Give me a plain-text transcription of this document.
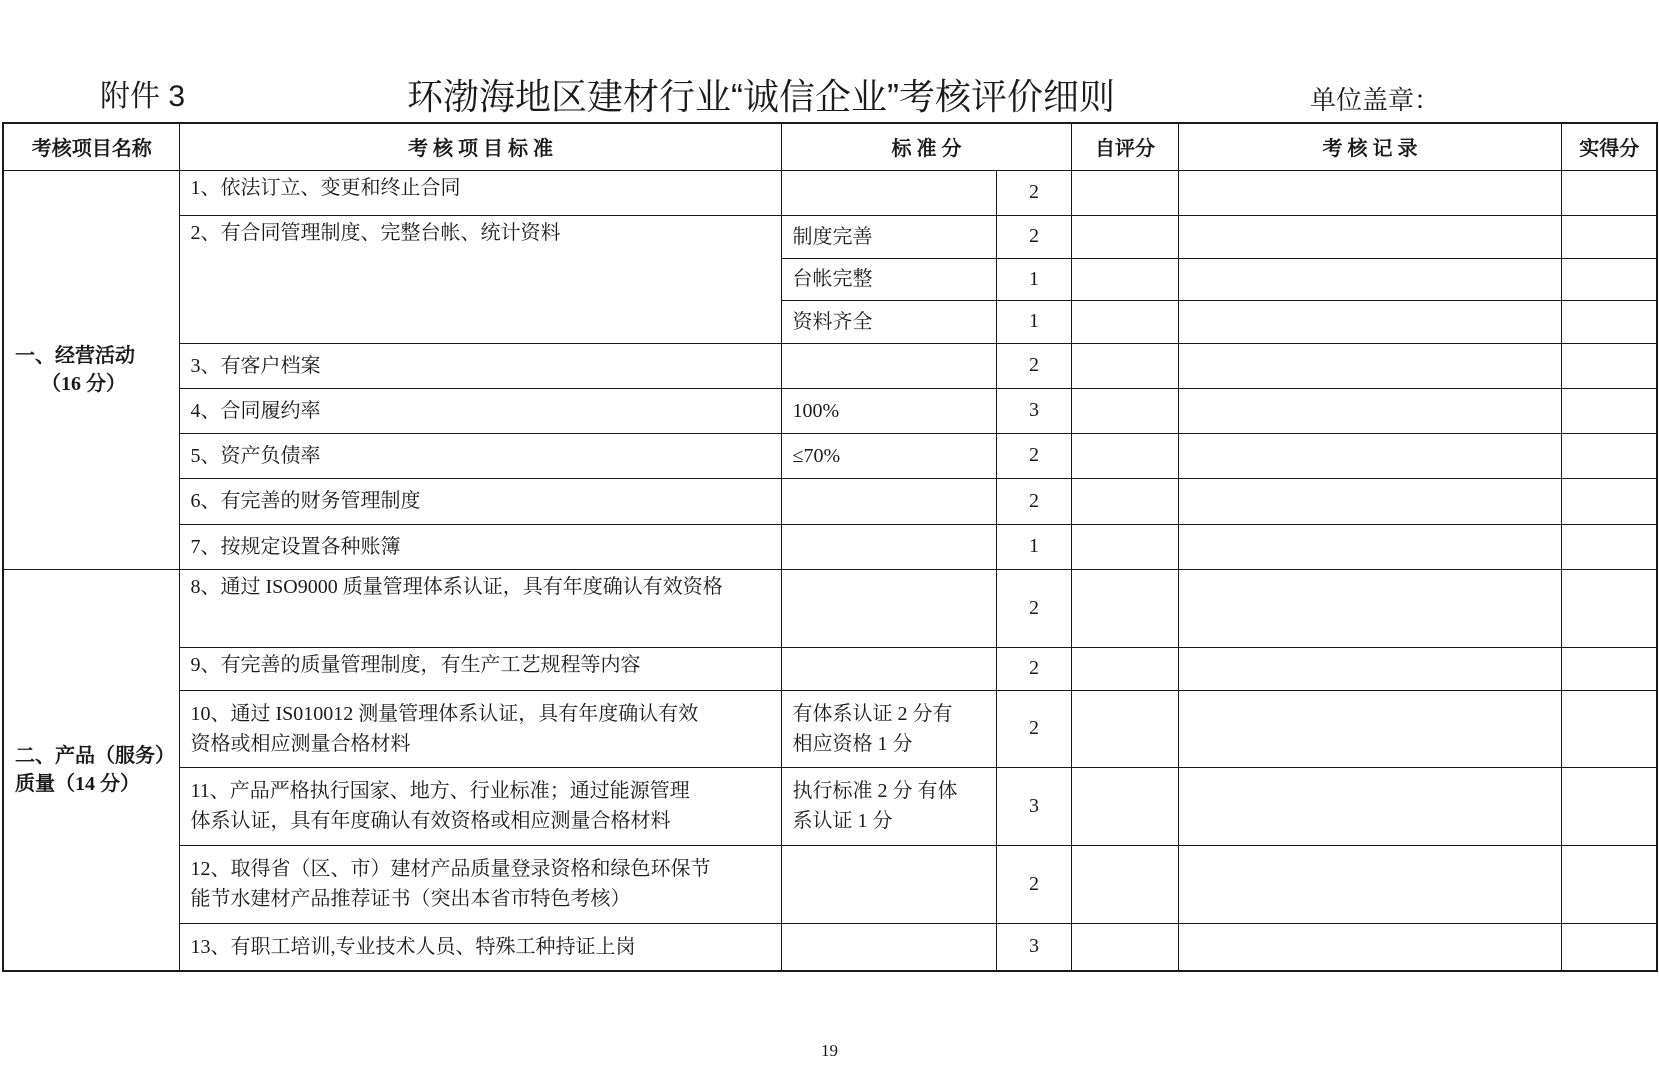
附件 3	环渤海地区建材行业“诚信企业”考核评价细则	单位盖章：
考核项目名称	考 核 项 目 标 准	标 准 分		自评分	考 核 记 录	实得分

一、经营活动
（16 分）	1、依法订立、变更和终止合同		2			

	2、有合同管理制度、完整台帐、统计资料	制度完善	2			

		台帐完整	1			

		资料齐全	1			

	3、有客户档案		2			

	4、合同履约率	100%	3			

	5、资产负债率	≤70%	2			

	6、有完善的财务管理制度		2			

	7、按规定设置各种账簿		1			

二、产品（服务）
质量（14 分）	8、通过 ISO9000 质量管理体系认证，具有年度确认有效资格		2			

	9、有完善的质量管理制度，有生产工艺规程等内容		2			

	10、通过 IS010012 测量管理体系认证，具有年度确认有效
资格或相应测量合格材料	有体系认证 2 分有
相应资格 1 分	2			

	11、产品严格执行国家、地方、行业标准；通过能源管理
体系认证，具有年度确认有效资格或相应测量合格材料	执行标准 2 分 有体
系认证 1 分	3			

	12、取得省（区、市）建材产品质量登录资格和绿色环保节
能节水建材产品推荐证书（突出本省市特色考核）		2			

	13、有职工培训,专业技术人员、特殊工种持证上岗		3			
19
